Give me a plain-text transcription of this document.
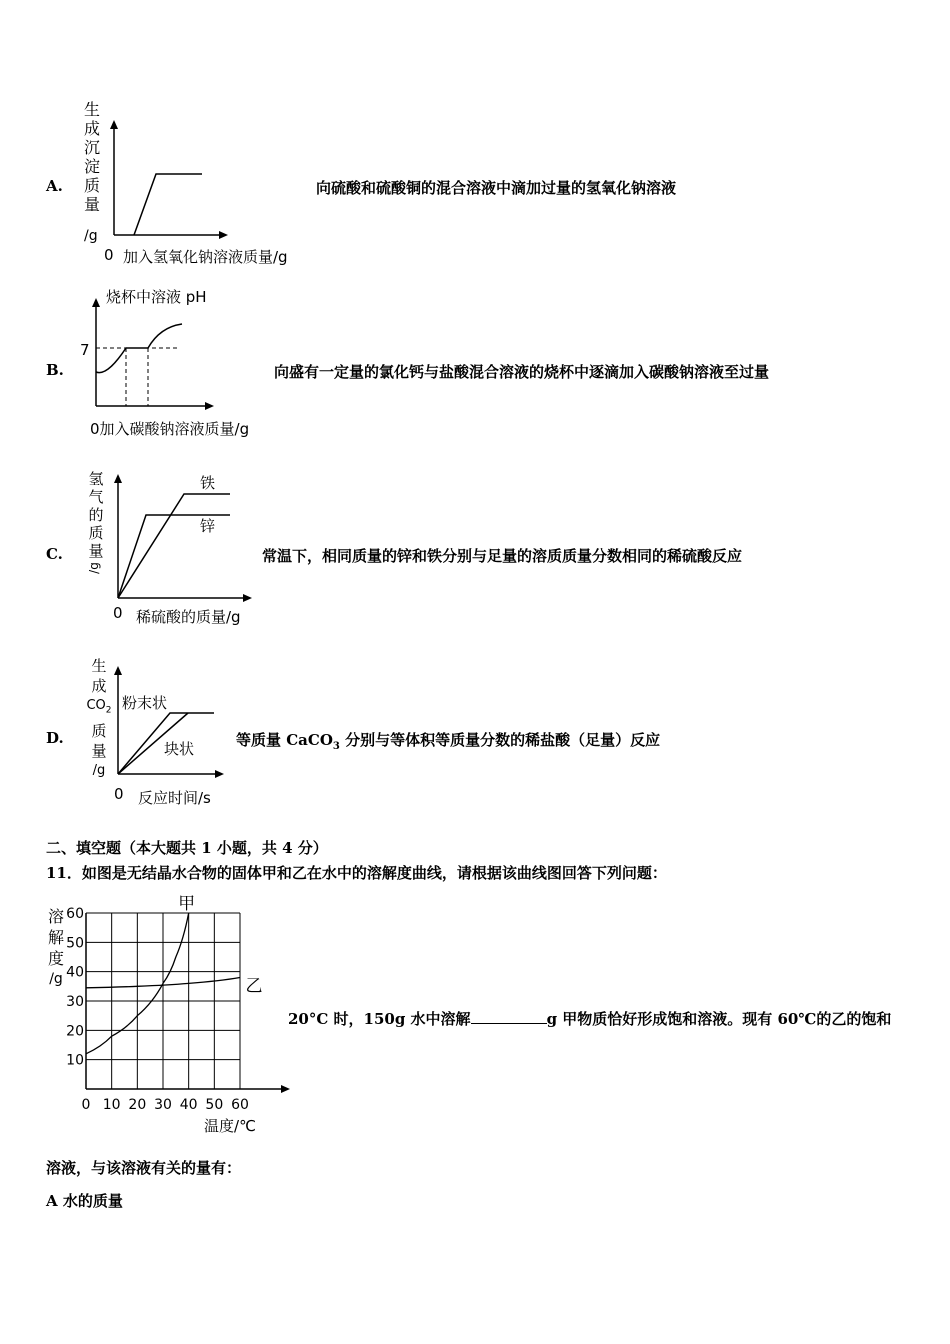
A.
生
成
沉
淀
质
量
/g
0 加入氢氧化钠溶液质量/g
向硫酸和硫酸铜的混合溶液中滴加过量的氢氧化钠溶液
B.
烧杯中溶液 pH
7
0加入碳酸钠溶液质量/g
向盛有一定量的氯化钙与盐酸混合溶液的烧杯中逐滴加入碳酸钠溶液至过量
C.
氢
气
的
质
量
/g
铁
锌
0 稀硫酸的质量/g
常温下，相同质量的锌和铁分别与足量的溶质质量分数相同的稀硫酸反应
D.
生
成
$CO_2$
质
量
/g
粉末状
块状
0 反应时间/s
等质量 CaCO$_3$ 分别与等体积等质量分数的稀盐酸（足量）反应
二、填空题（本大题共 1 小题，共 4 分）
11．如图是无结晶水合物的固体甲和乙在水中的溶解度曲线，请根据该曲线图回答下列问题：
溶
解
度
/g
0 10 20 30 40 50 60
10
20
30
40
50
60
温度/℃
甲
乙
20°C 时，150g 水中溶解	g 甲物质恰好形成饱和溶液。现有 60℃的乙的饱和
溶液，与该溶液有关的量有：
A 水的质量
